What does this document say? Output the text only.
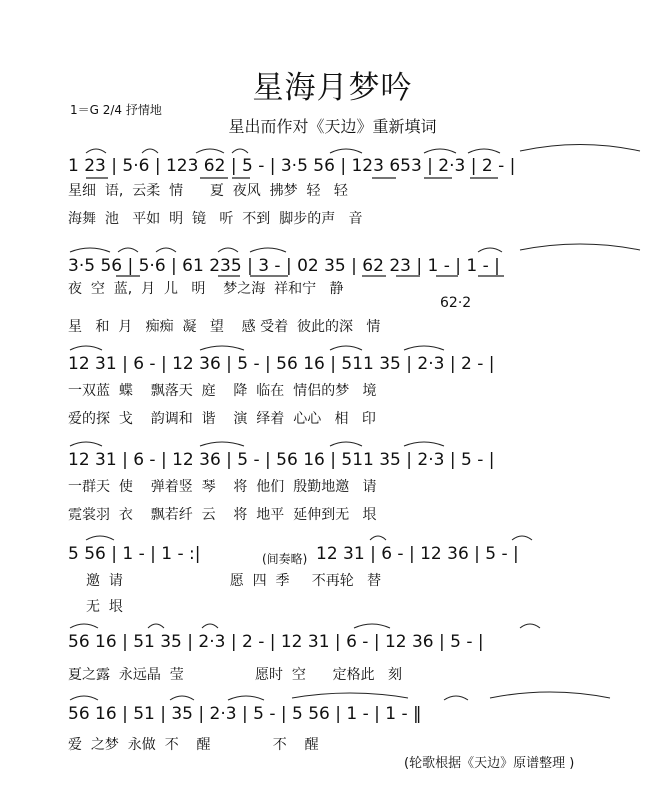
星海月梦吟
1＝G 2/4 抒情地
星出而作对《天边》重新填词
1 23 | 5·6 | 123 62 | 5 - | 3·5 56 | 123 653 | 2·3 | 2 - |
星细  语,  云柔  情      夏  夜风  拂梦  轻   轻
海舞  池   平如  明  镜   听  不到  脚步的声   音
3·5 56 | 5·6 | 61 235 | 3 - | 02 35 | 62 23 | 1 - | 1 - |
夜  空  蓝,  月  儿   明    梦之海  祥和宁   静
62·2
星   和  月   痴痴  凝   望    感 受着  彼此的深   情
12 31 | 6 - | 12 36 | 5 - | 56 16 | 511 35 | 2·3 | 2 - |
一双蓝  蝶    飘落天  庭    降  临在  情侣的梦   境
爱的探  戈    韵调和  谐    演  绎着  心心   相   印
12 31 | 6 - | 12 36 | 5 - | 56 16 | 511 35 | 2·3 | 5 - |
一群天  使    弹着竖  琴    将  他们  殷勤地邀   请
霓裳羽  衣    飘若纤  云    将  地平  延伸到无   垠
5 56 | 1 - | 1 - :|	(间奏略) 12 31 | 6 - | 12 36 | 5 - |
邀  请                        愿  四  季     不再轮   替
无  垠
56 16 | 51 35 | 2·3 | 2 - | 12 31 | 6 - | 12 36 | 5 - |
夏之露  永远晶  莹                愿时  空      定格此   刻
56 16 | 51 | 35 | 2·3 | 5 - | 5 56 | 1 - | 1 - ‖
爱  之梦  永做  不    醒              不    醒
(轮歌根据《天边》原谱整理 )
